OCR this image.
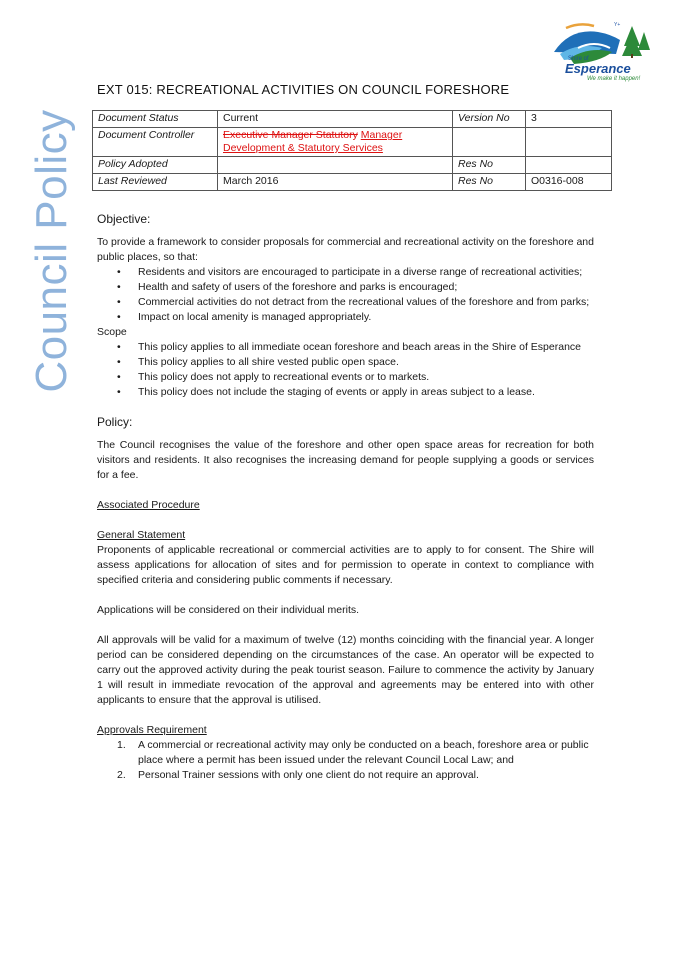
Council Policy
Y+
Shire of
Esperance
We make it happen!
EXT 015: RECREATIONAL ACTIVITIES ON COUNCIL FORESHORE
Document Status	Current	Version No	3
Document Controller	Executive Manager Statutory Manager Development & Statutory Services		
Policy Adopted		Res No	
Last Reviewed	March 2016	Res No	O0316-008
Objective:

To provide a framework to consider proposals for commercial and recreational activity on the foreshore and public places, so that:

• Residents and visitors are encouraged to participate in a diverse range of recreational activities;
• Health and safety of users of the foreshore and parks is encouraged;
• Commercial activities do not detract from the recreational values of the foreshore and from parks;
• Impact on local amenity is managed appropriately.
Scope
• This policy applies to all immediate ocean foreshore and beach areas in the Shire of Esperance
• This policy applies to all shire vested public open space.
• This policy does not apply to recreational events or to markets.
• This policy does not include the staging of events or apply in areas subject to a lease.
Policy:

The Council recognises the value of the foreshore and other open space areas for recreation for both visitors and residents. It also recognises the increasing demand for people supplying a goods or services for a fee.

Associated Procedure
General Statement

Proponents of applicable recreational or commercial activities are to apply to for consent. The Shire will assess applications for allocation of sites and for permission to operate in context to compliance with specified criteria and considering public comments if necessary.

Applications will be considered on their individual merits.

All approvals will be valid for a maximum of twelve (12) months coinciding with the financial year. A longer period can be considered depending on the circumstances of the case. An operator will be expected to carry out the approved activity during the peak tourist season. Failure to commence the activity by January 1 will result in immediate revocation of the approval and agreements may be entered into with other applicants to ensure that the approval is utilised.

Approvals Requirement
1. A commercial or recreational activity may only be conducted on a beach, foreshore area or public place where a permit has been issued under the relevant Council Local Law; and
2. Personal Trainer sessions with only one client do not require an approval.
